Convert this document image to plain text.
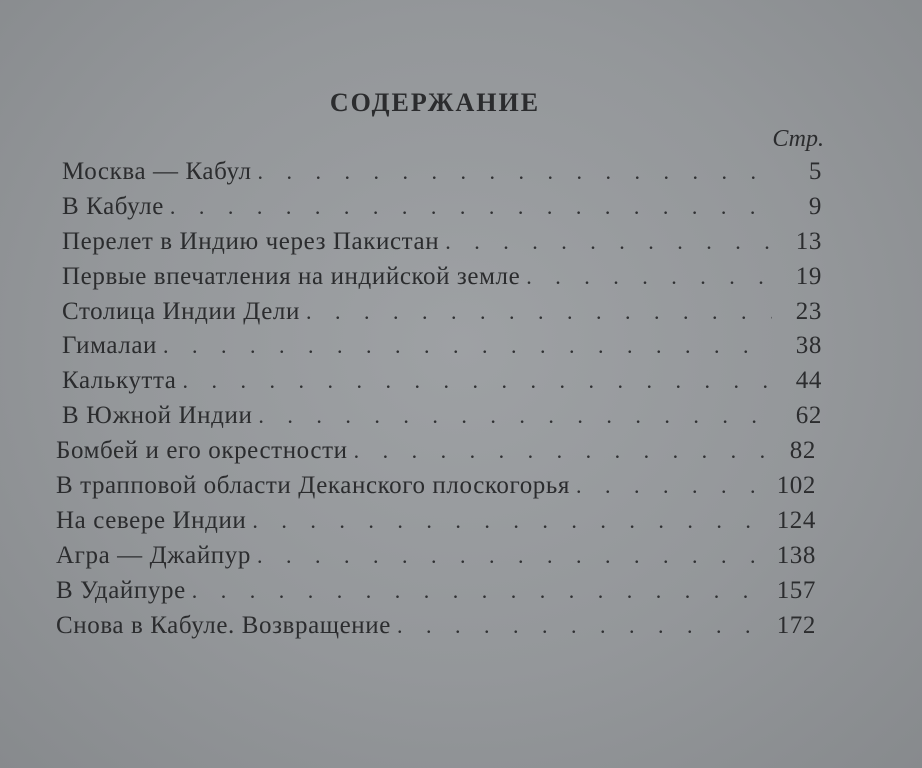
СОДЕРЖАНИЕ
Стр.
Москва — Кабул . . .	5
В Кабуле . . .	9
Перелет в Индию через Пакистан . . .	13
Первые впечатления на индийской земле . . .	19
Столица Индии Дели . . .	23
Гималаи . . .	38
Калькутта . . .	44
В Южной Индии . . .	62
Бомбей и его окрестности . . .	82
В трапповой области Деканского плоскогорья . . .	102
На севере Индии . . .	124
Агра — Джайпур . . .	138
В Удайпуре . . .	157
Снова в Кабуле. Возвращение . . .	172
